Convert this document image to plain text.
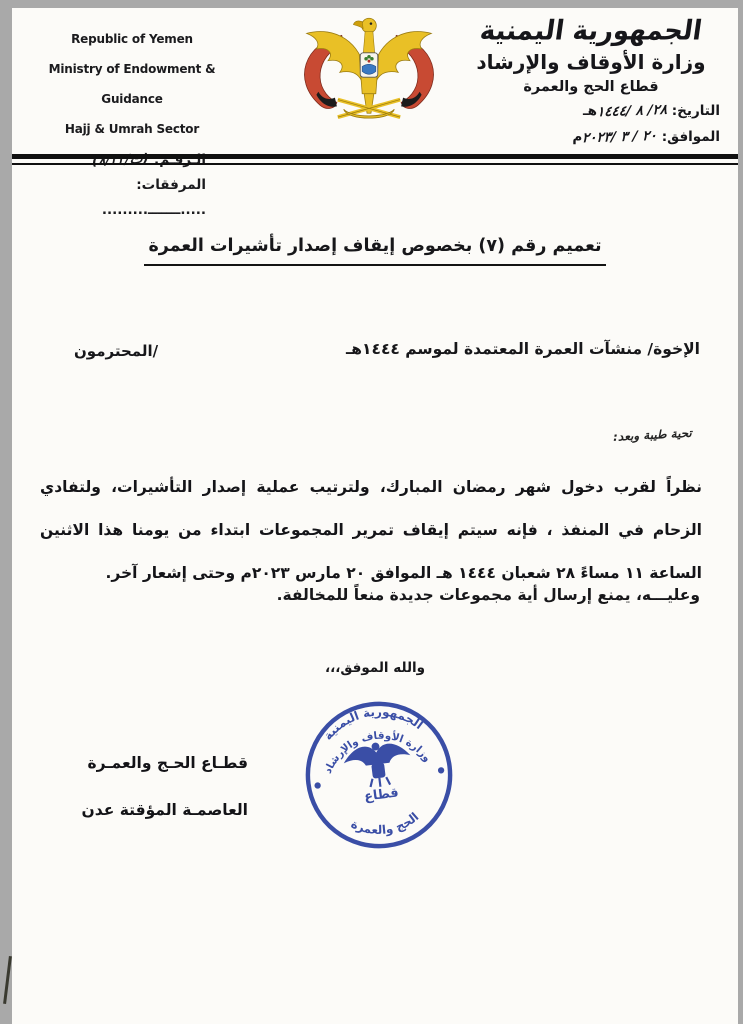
Republic of Yemen
Ministry of Endowment & Guidance
Hajj & Umrah Sector
الـرقـم: (ت/٨/٢٣)
المرفقات: .....ـــــــ.........
الجمهورية اليمنية
وزارة الأوقاف والإرشاد
قطاع الحج والعمرة
التاريخ: ٢٨/ ٨ /١٤٤٤هـ
الموافق: ٢٠ / ٣ /٢٠٢٣م
تعميم رقم (٧) بخصوص إيقاف إصدار تأشيرات العمرة
الإخوة/ منشآت العمرة المعتمدة لموسم ١٤٤٤هـ
/المحترمون
تحية طيبة وبعد:
نظراً لقرب دخول شهر رمضان المبارك، ولترتيب عملية إصدار التأشيرات، ولتفادي الزحام في المنفذ ، فإنه سيتم إيقاف تمرير المجموعات ابتداء من يومنا هذا الاثنين الساعة ١١ مساءً ٢٨ شعبان ١٤٤٤ هـ الموافق ٢٠ مارس ٢٠٢٣م وحتى إشعار آخر.
وعليـــه، يمنع إرسال أية مجموعات جديدة منعاً للمخالفة.
والله الموفق،،،
الجمهورية اليمنية
وزارة الأوقاف والإرشاد
قطاع
الحج والعمرة
قطـاع الحـج والعمـرة
العاصمـة المؤقتة عدن
